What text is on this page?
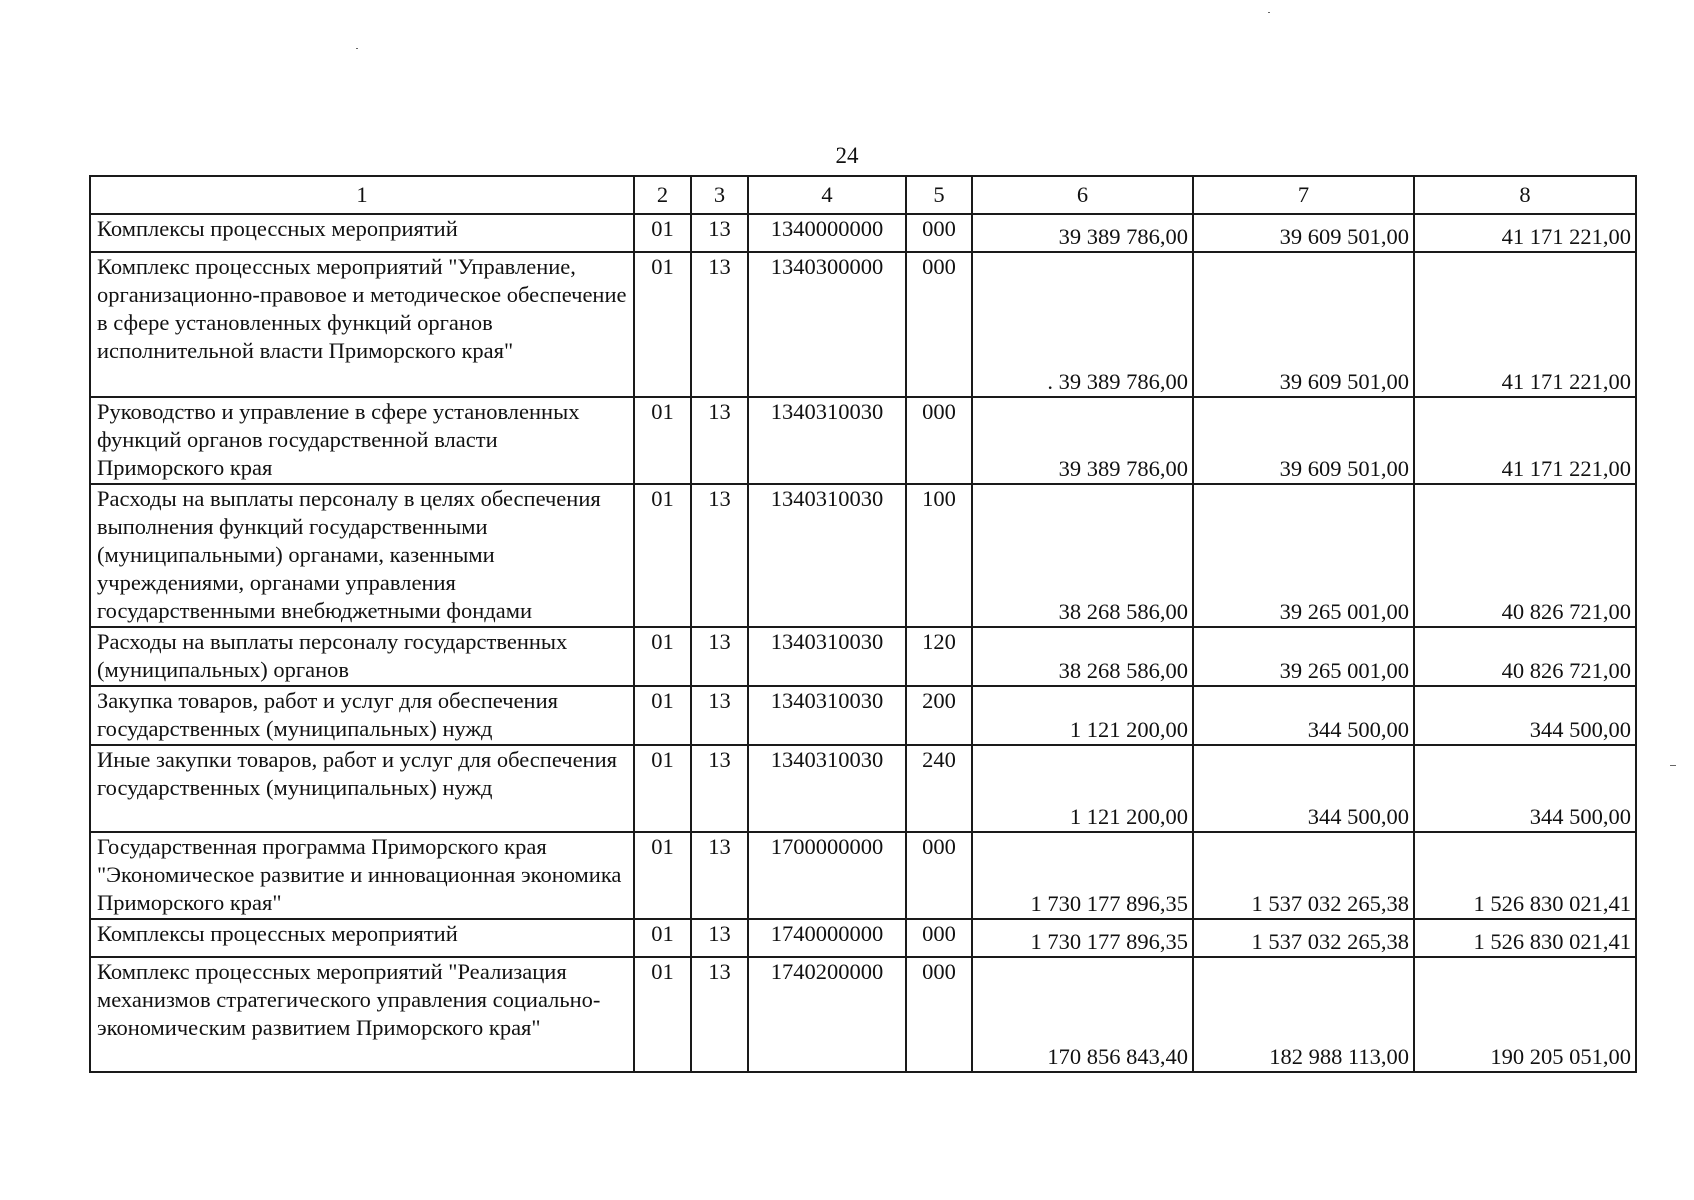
24
1	2	3	4	5	6	7	8
Комплексы процессных мероприятий	01	13	1340000000	000	39 389 786,00	39 609 501,00	41 171 221,00
Комплекс процессных мероприятий "Управление, организационно-правовое и методическое обеспечение в сфере установленных функций органов исполнительной власти Приморского края"	01	13	1340300000	000	. 39 389 786,00	39 609 501,00	41 171 221,00
Руководство и управление в сфере установленных функций органов государственной власти Приморского края	01	13	1340310030	000	39 389 786,00	39 609 501,00	41 171 221,00
Расходы на выплаты персоналу в целях обеспечения выполнения функций государственными (муниципальными) органами, казенными учреждениями, органами управления государственными внебюджетными фондами	01	13	1340310030	100	38 268 586,00	39 265 001,00	40 826 721,00
Расходы на выплаты персоналу государственных (муниципальных) органов	01	13	1340310030	120	38 268 586,00	39 265 001,00	40 826 721,00
Закупка товаров, работ и услуг для обеспечения государственных (муниципальных) нужд	01	13	1340310030	200	1 121 200,00	344 500,00	344 500,00
Иные закупки товаров, работ и услуг для обеспечения государственных (муниципальных) нужд	01	13	1340310030	240	1 121 200,00	344 500,00	344 500,00
Государственная программа Приморского края "Экономическое развитие и инновационная экономика Приморского края"	01	13	1700000000	000	1 730 177 896,35	1 537 032 265,38	1 526 830 021,41
Комплексы процессных мероприятий	01	13	1740000000	000	1 730 177 896,35	1 537 032 265,38	1 526 830 021,41
Комплекс процессных мероприятий "Реализация механизмов стратегического управления социально-экономическим развитием Приморского края"	01	13	1740200000	000	170 856 843,40	182 988 113,00	190 205 051,00
